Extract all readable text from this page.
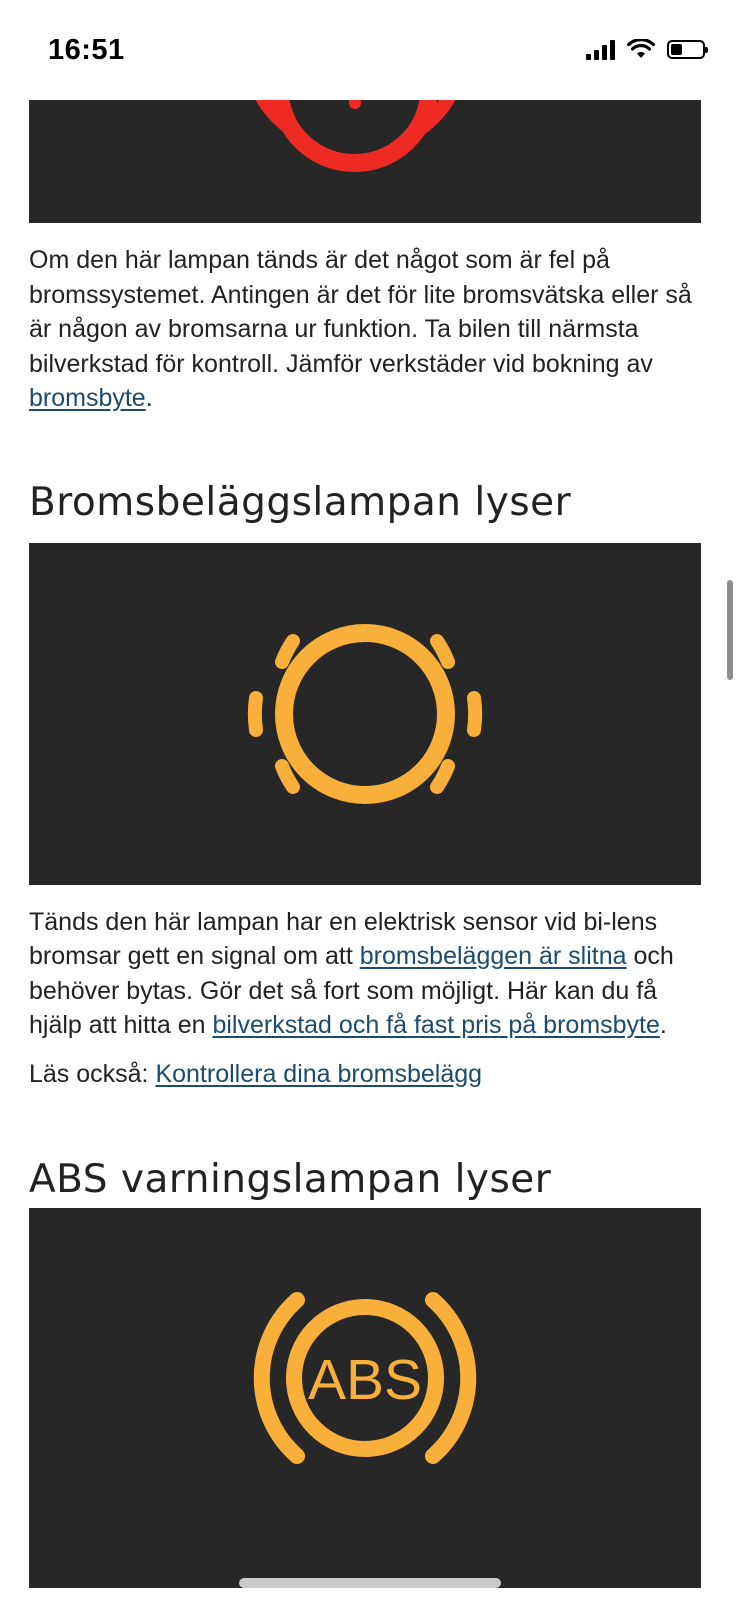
16:51

Om den här lampan tänds är det något som är fel på bromssystemet. Antingen är det för lite bromsvätska eller så är någon av bromsarna ur funktion. Ta bilen till närmsta bilverkstad för kontroll. Jämför verkstäder vid bokning av bromsbyte.

Bromsbeläggslampan lyser

Tänds den här lampan har en elektrisk sensor vid bi-lens bromsar gett en signal om att bromsbeläggen är slitna och behöver bytas. Gör det så fort som möjligt. Här kan du få hjälp att hitta en bilverkstad och få fast pris på bromsbyte.

Läs också: Kontrollera dina bromsbelägg

ABS varningslampan lyser
ABS
